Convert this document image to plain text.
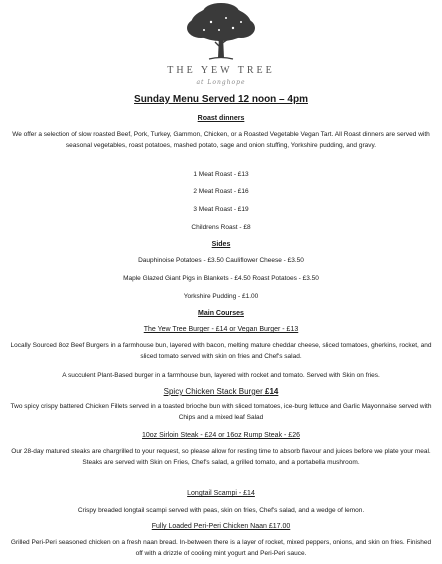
THE YEW TREE
at Longhope
Sunday Menu Served 12 noon – 4pm
Roast dinners
We offer a selection of slow roasted Beef, Pork, Turkey, Gammon, Chicken, or a Roasted Vegetable Vegan Tart. All Roast dinners are served with seasonal vegetables, roast potatoes, mashed potato, sage and onion stuffing, Yorkshire pudding, and gravy.
1 Meat Roast - £13
2 Meat Roast - £16
3 Meat Roast - £19
Childrens Roast - £8
Sides
Dauphinoise Potatoes - £3.50 Cauliflower Cheese - £3.50
Maple Glazed Giant Pigs in Blankets - £4.50 Roast Potatoes - £3.50
Yorkshire Pudding - £1.00
Main Courses
The Yew Tree Burger - £14 or Vegan Burger - £13
Locally Sourced 8oz Beef Burgers in a farmhouse bun, layered with bacon, melting mature cheddar cheese, sliced tomatoes, gherkins, rocket, and sliced tomato served with skin on fries and Chef's salad.
A succulent Plant-Based burger in a farmhouse bun, layered with rocket and tomato. Served with Skin on fries.
Spicy Chicken Stack Burger £14
Two spicy crispy battered Chicken Fillets served in a toasted brioche bun with sliced tomatoes, ice-burg lettuce and Garlic Mayonnaise served with Chips and a mixed leaf Salad
10oz Sirloin Steak - £24 or 16oz Rump Steak - £26
Our 28-day matured steaks are chargrilled to your request, so please allow for resting time to absorb flavour and juices before we plate your meal. Steaks are served with Skin on Fries, Chef's salad, a grilled tomato, and a portabella mushroom.
Longtail Scampi - £14
Crispy breaded longtail scampi served with peas, skin on fries, Chef's salad, and a wedge of lemon.
Fully Loaded Peri-Peri Chicken Naan £17.00
Grilled Peri-Peri seasoned chicken on a fresh naan bread. In-between there is a layer of rocket, mixed peppers, onions, and skin on fries. Finished off with a drizzle of cooling mint yogurt and Peri-Peri sauce.
